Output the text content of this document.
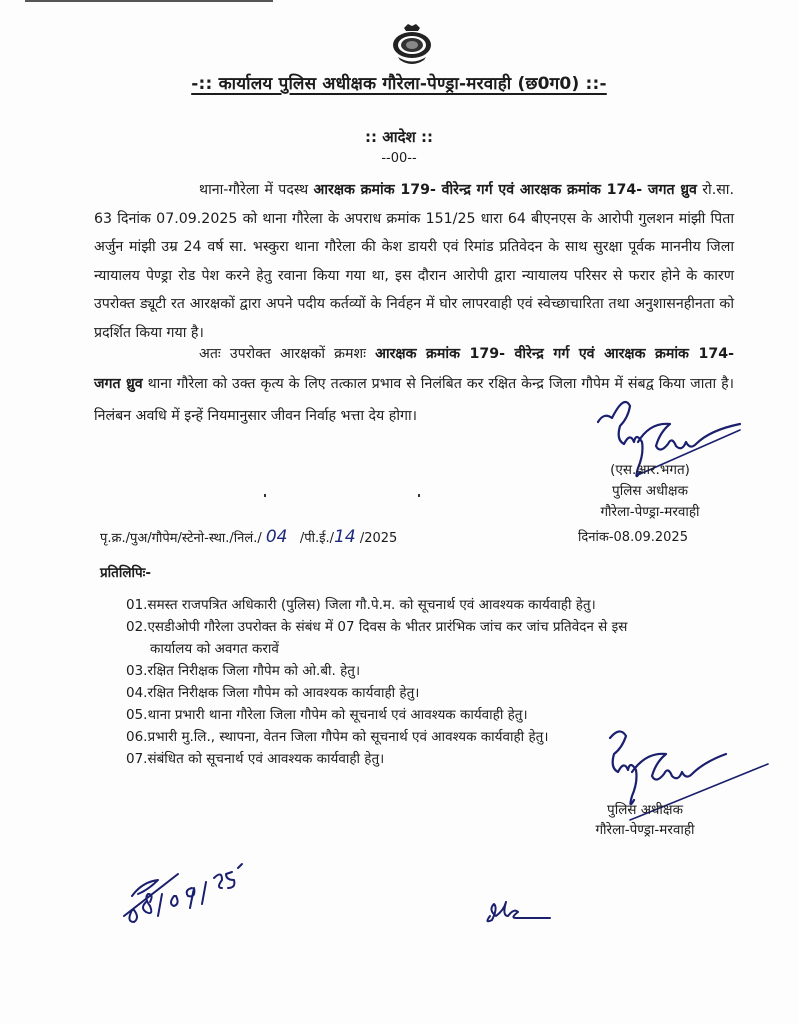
-:: कार्यालय पुलिस अधीक्षक गौरेला-पेण्ड्रा-मरवाही (छ0ग0) ::-
:: आदेश ::
--00--
थाना-गौरेला में पदस्थ आरक्षक क्रमांक 179- वीरेन्द्र गर्ग एवं आरक्षक क्रमांक 174- जगत ध्रुव रो.सा. 63 दिनांक 07.09.2025 को थाना गौरेला के अपराध क्रमांक 151/25 धारा 64 बीएनएस के आरोपी गुलशन मांझी पिता अर्जुन मांझी उम्र 24 वर्ष सा. भस्कुरा थाना गौरेला की केश डायरी एवं रिमांड प्रतिवेदन के साथ सुरक्षा पूर्वक माननीय जिला न्यायालय पेण्ड्रा रोड पेश करने हेतु रवाना किया गया था, इस दौरान आरोपी द्वारा न्यायालय परिसर से फरार होने के कारण उपरोक्त ड्यूटी रत आरक्षकों द्वारा अपने पदीय कर्तव्यों के निर्वहन में घोर लापरवाही एवं स्वेच्छाचारिता तथा अनुशासनहीनता को प्रदर्शित किया गया है।
अतः उपरोक्त आरक्षकों क्रमशः आरक्षक क्रमांक 179- वीरेन्द्र गर्ग एवं आरक्षक क्रमांक 174-
जगत ध्रुव थाना गौरेला को उक्त कृत्य के लिए तत्काल प्रभाव से निलंबित कर रक्षित केन्द्र जिला गौपेम में संबद्व किया जाता है। निलंबन अवधि में इन्हें नियमानुसार जीवन निर्वाह भत्ता देय होगा।
(एस.आर.भगत)
पुलिस अधीक्षक
गौरेला-पेण्ड्रा-मरवाही
पृ.क्र./पुअ/गौपेम/स्टेनो-स्था./निलं./ 04 /पी.ई./14 /2025	दिनांक-08.09.2025
प्रतिलिपिः-
01.समस्त राजपत्रित अधिकारी (पुलिस) जिला गौ.पे.म. को सूचनार्थ एवं आवश्यक कार्यवाही हेतु।
02.एसडीओपी गौरेला उपरोक्त के संबंध में 07 दिवस के भीतर प्रारंभिक जांच कर जांच प्रतिवेदन से इस कार्यालय को अवगत करावें
03.रक्षित निरीक्षक जिला गौपेम को ओ.बी. हेतु।
04.रक्षित निरीक्षक जिला गौपेम को आवश्यक कार्यवाही हेतु।
05.थाना प्रभारी थाना गौरेला जिला गौपेम को सूचनार्थ एवं आवश्यक कार्यवाही हेतु।
06.प्रभारी मु.लि., स्थापना, वेतन जिला गौपेम को सूचनार्थ एवं आवश्यक कार्यवाही हेतु।
07.संबंधित को सूचनार्थ एवं आवश्यक कार्यवाही हेतु।
पुलिस अधीक्षक
गौरेला-पेण्ड्रा-मरवाही
